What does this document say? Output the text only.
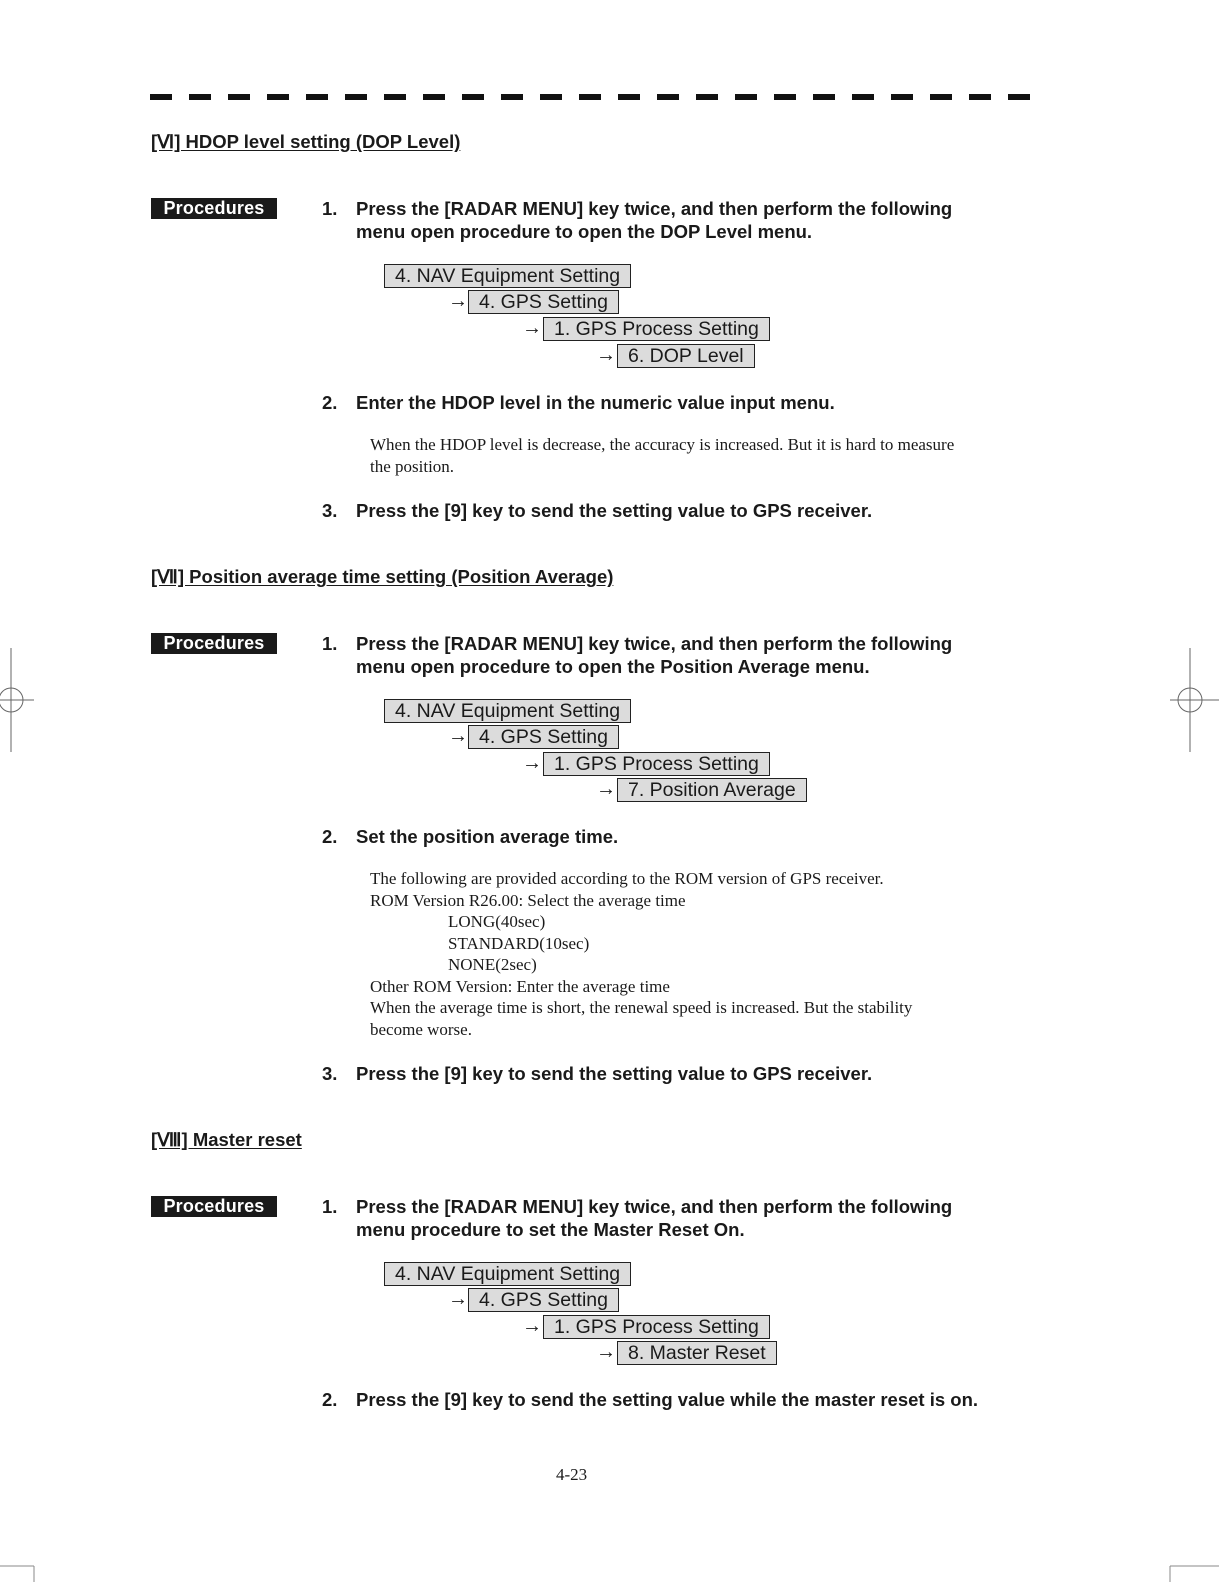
[Ⅵ] HDOP level setting (DOP Level)
Procedures	1. Press the [RADAR MENU] key twice, and then perform the following
menu open procedure to open the DOP Level menu.
4. NAV Equipment Setting
→ 4. GPS Setting
→ 1. GPS Process Setting
→ 6. DOP Level
2. Enter the HDOP level in the numeric value input menu.
When the HDOP level is decrease, the accuracy is increased. But it is hard to measure
the position.
3. Press the [9] key to send the setting value to GPS receiver.
[Ⅶ] Position average time setting (Position Average)
Procedures	1. Press the [RADAR MENU] key twice, and then perform the following
menu open procedure to open the Position Average menu.
4. NAV Equipment Setting
→ 4. GPS Setting
→ 1. GPS Process Setting
→ 7. Position Average
2. Set the position average time.
The following are provided according to the ROM version of GPS receiver.
ROM Version R26.00: Select the average time
LONG(40sec)
STANDARD(10sec)
NONE(2sec)
Other ROM Version: Enter the average time
When the average time is short, the renewal speed is increased. But the stability
become worse.
3. Press the [9] key to send the setting value to GPS receiver.
[Ⅷ] Master reset
Procedures	1. Press the [RADAR MENU] key twice, and then perform the following
menu procedure to set the Master Reset On.
4. NAV Equipment Setting
→ 4. GPS Setting
→ 1. GPS Process Setting
→ 8. Master Reset
2. Press the [9] key to send the setting value while the master reset is on.
4-23
